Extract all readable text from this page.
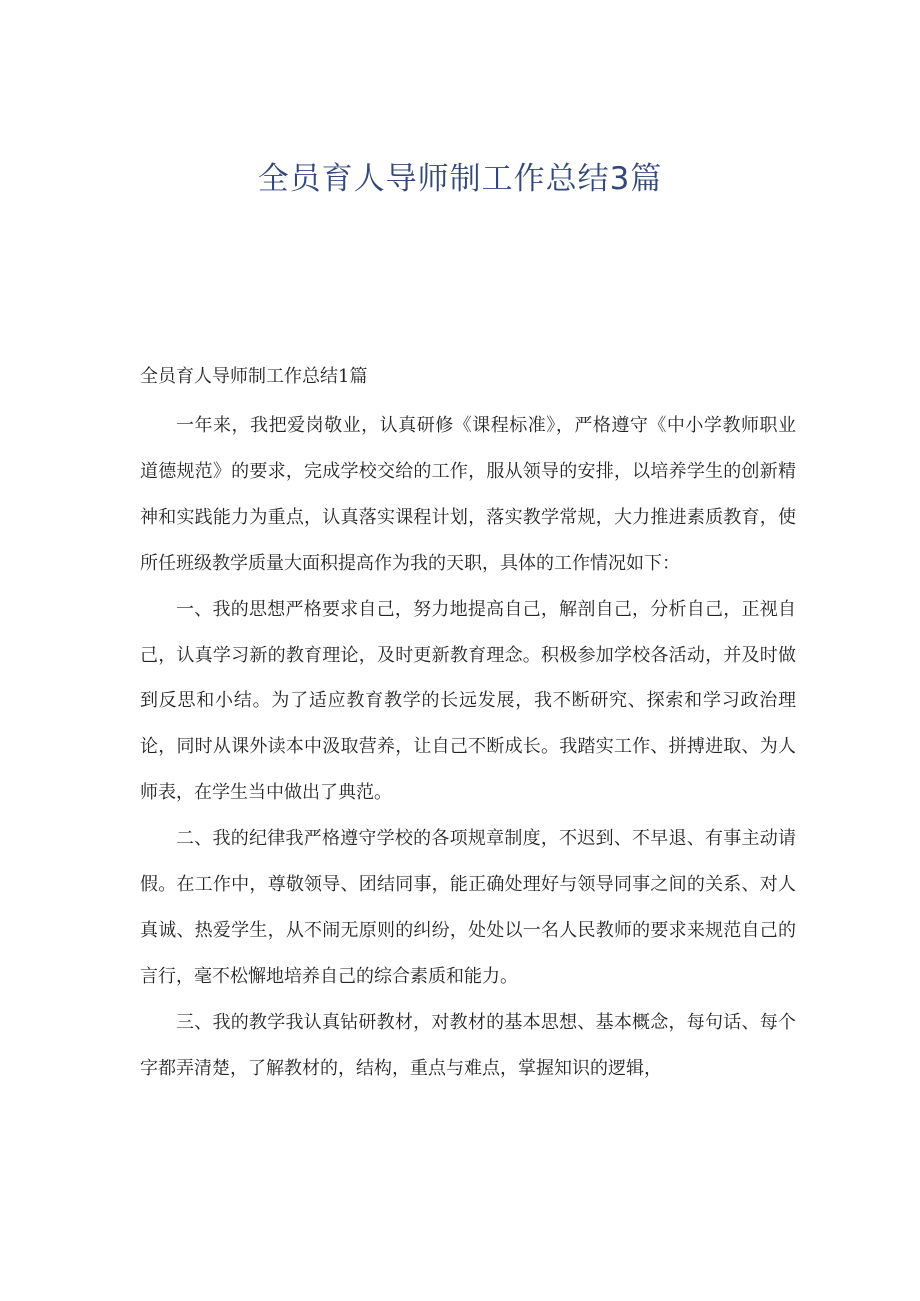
全员育人导师制工作总结3篇
全员育人导师制工作总结1篇

一年来，我把爱岗敬业，认真研修《课程标准》，严格遵守《中小学教师职业道德规范》的要求，完成学校交给的工作，服从领导的安排，以培养学生的创新精神和实践能力为重点，认真落实课程计划，落实教学常规，大力推进素质教育，使所任班级教学质量大面积提高作为我的天职，具体的工作情况如下：

一、我的思想严格要求自己，努力地提高自己，解剖自己，分析自己，正视自己，认真学习新的教育理论，及时更新教育理念。积极参加学校各活动，并及时做到反思和小结。为了适应教育教学的长远发展，我不断研究、探索和学习政治理论，同时从课外读本中汲取营养，让自己不断成长。我踏实工作、拼搏进取、为人师表，在学生当中做出了典范。

二、我的纪律我严格遵守学校的各项规章制度，不迟到、不早退、有事主动请假。在工作中，尊敬领导、团结同事，能正确处理好与领导同事之间的关系、对人真诚、热爱学生，从不闹无原则的纠纷，处处以一名人民教师的要求来规范自己的言行，毫不松懈地培养自己的综合素质和能力。

三、我的教学我认真钻研教材，对教材的基本思想、基本概念，每句话、每个字都弄清楚，了解教材的，结构，重点与难点，掌握知识的逻辑，
